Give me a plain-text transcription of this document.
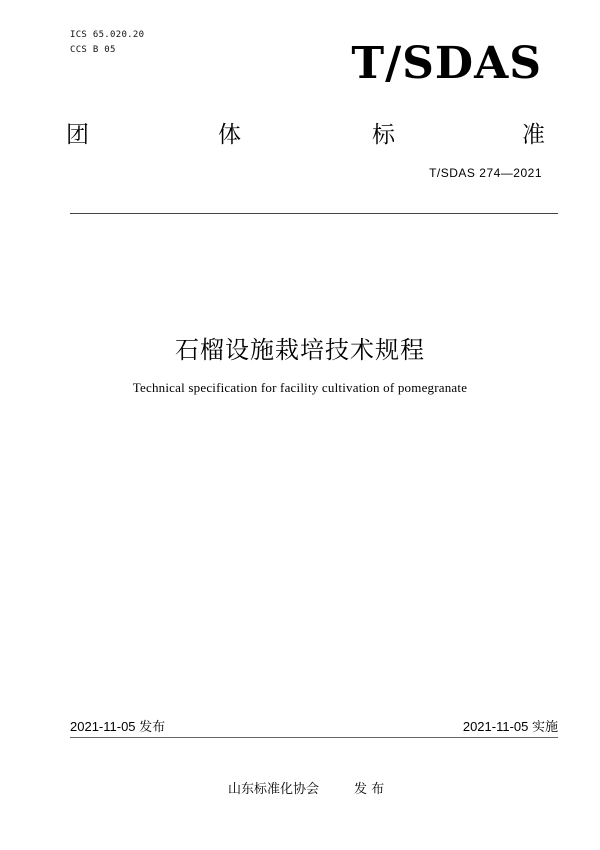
ICS 65.020.20
CCS B 05	T/SDAS
团	体	标	准
T/SDAS 274—2021
石榴设施栽培技术规程
Technical specification for facility cultivation of pomegranate
2021-11-05 发布	2021-11-05 实施
山东标准化协会	发 布
